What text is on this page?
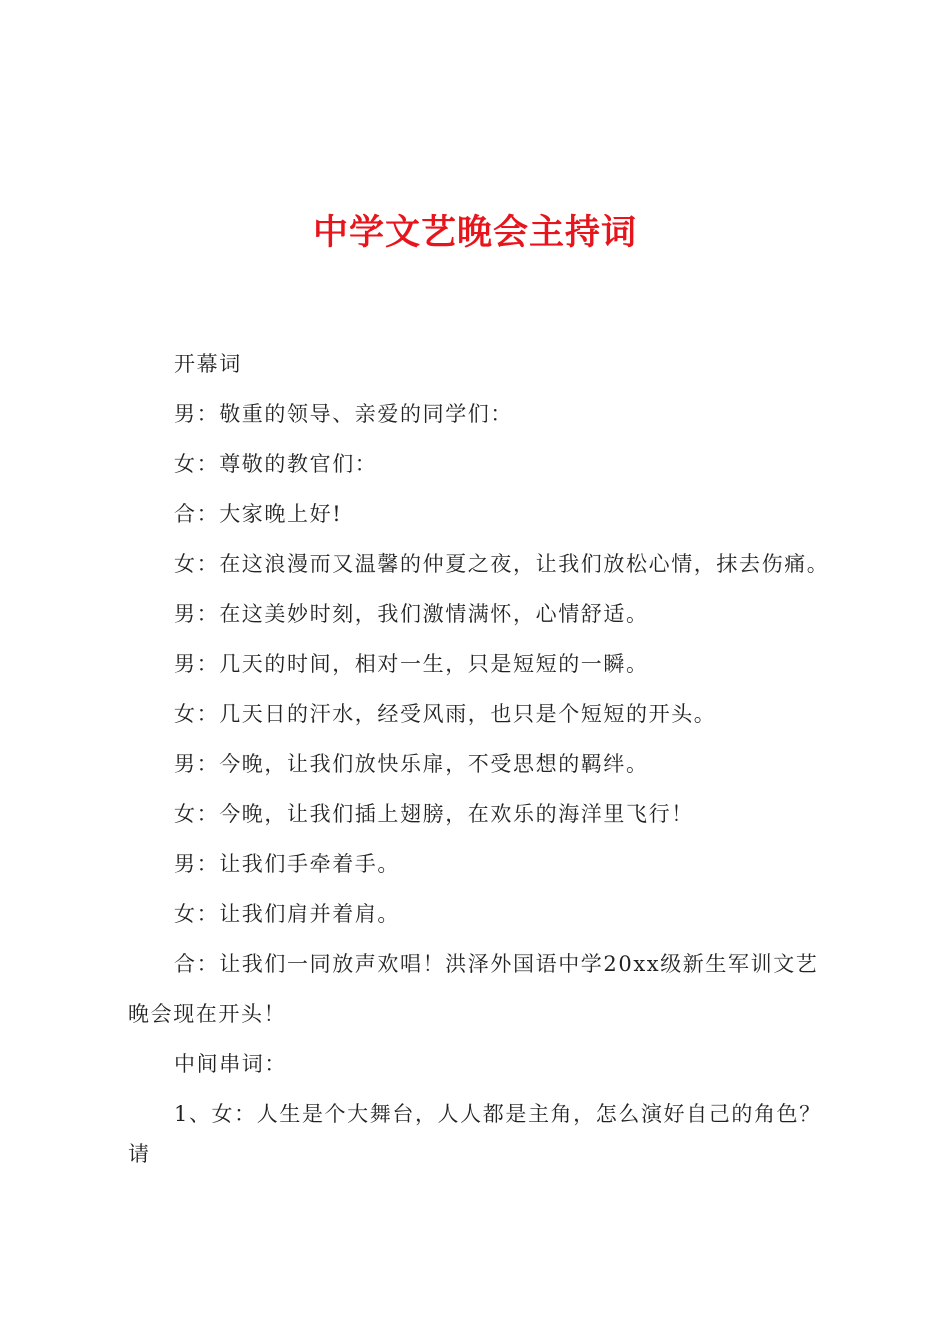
中学文艺晚会主持词

开幕词

男：敬重的领导、亲爱的同学们：

女：尊敬的教官们：

合：大家晚上好!

女：在这浪漫而又温馨的仲夏之夜，让我们放松心情，抹去伤痛。

男：在这美妙时刻，我们激情满怀，心情舒适。

男：几天的时间，相对一生，只是短短的一瞬。

女：几天日的汗水，经受风雨，也只是个短短的开头。

男：今晚，让我们放快乐扉，不受思想的羁绊。

女：今晚，让我们插上翅膀，在欢乐的海洋里飞行！

男：让我们手牵着手。

女：让我们肩并着肩。

合：让我们一同放声欢唱！洪泽外国语中学20xx级新生军训文艺晚会现在开头！

中间串词：

1、女：人生是个大舞台，人人都是主角，怎么演好自己的角色？请
